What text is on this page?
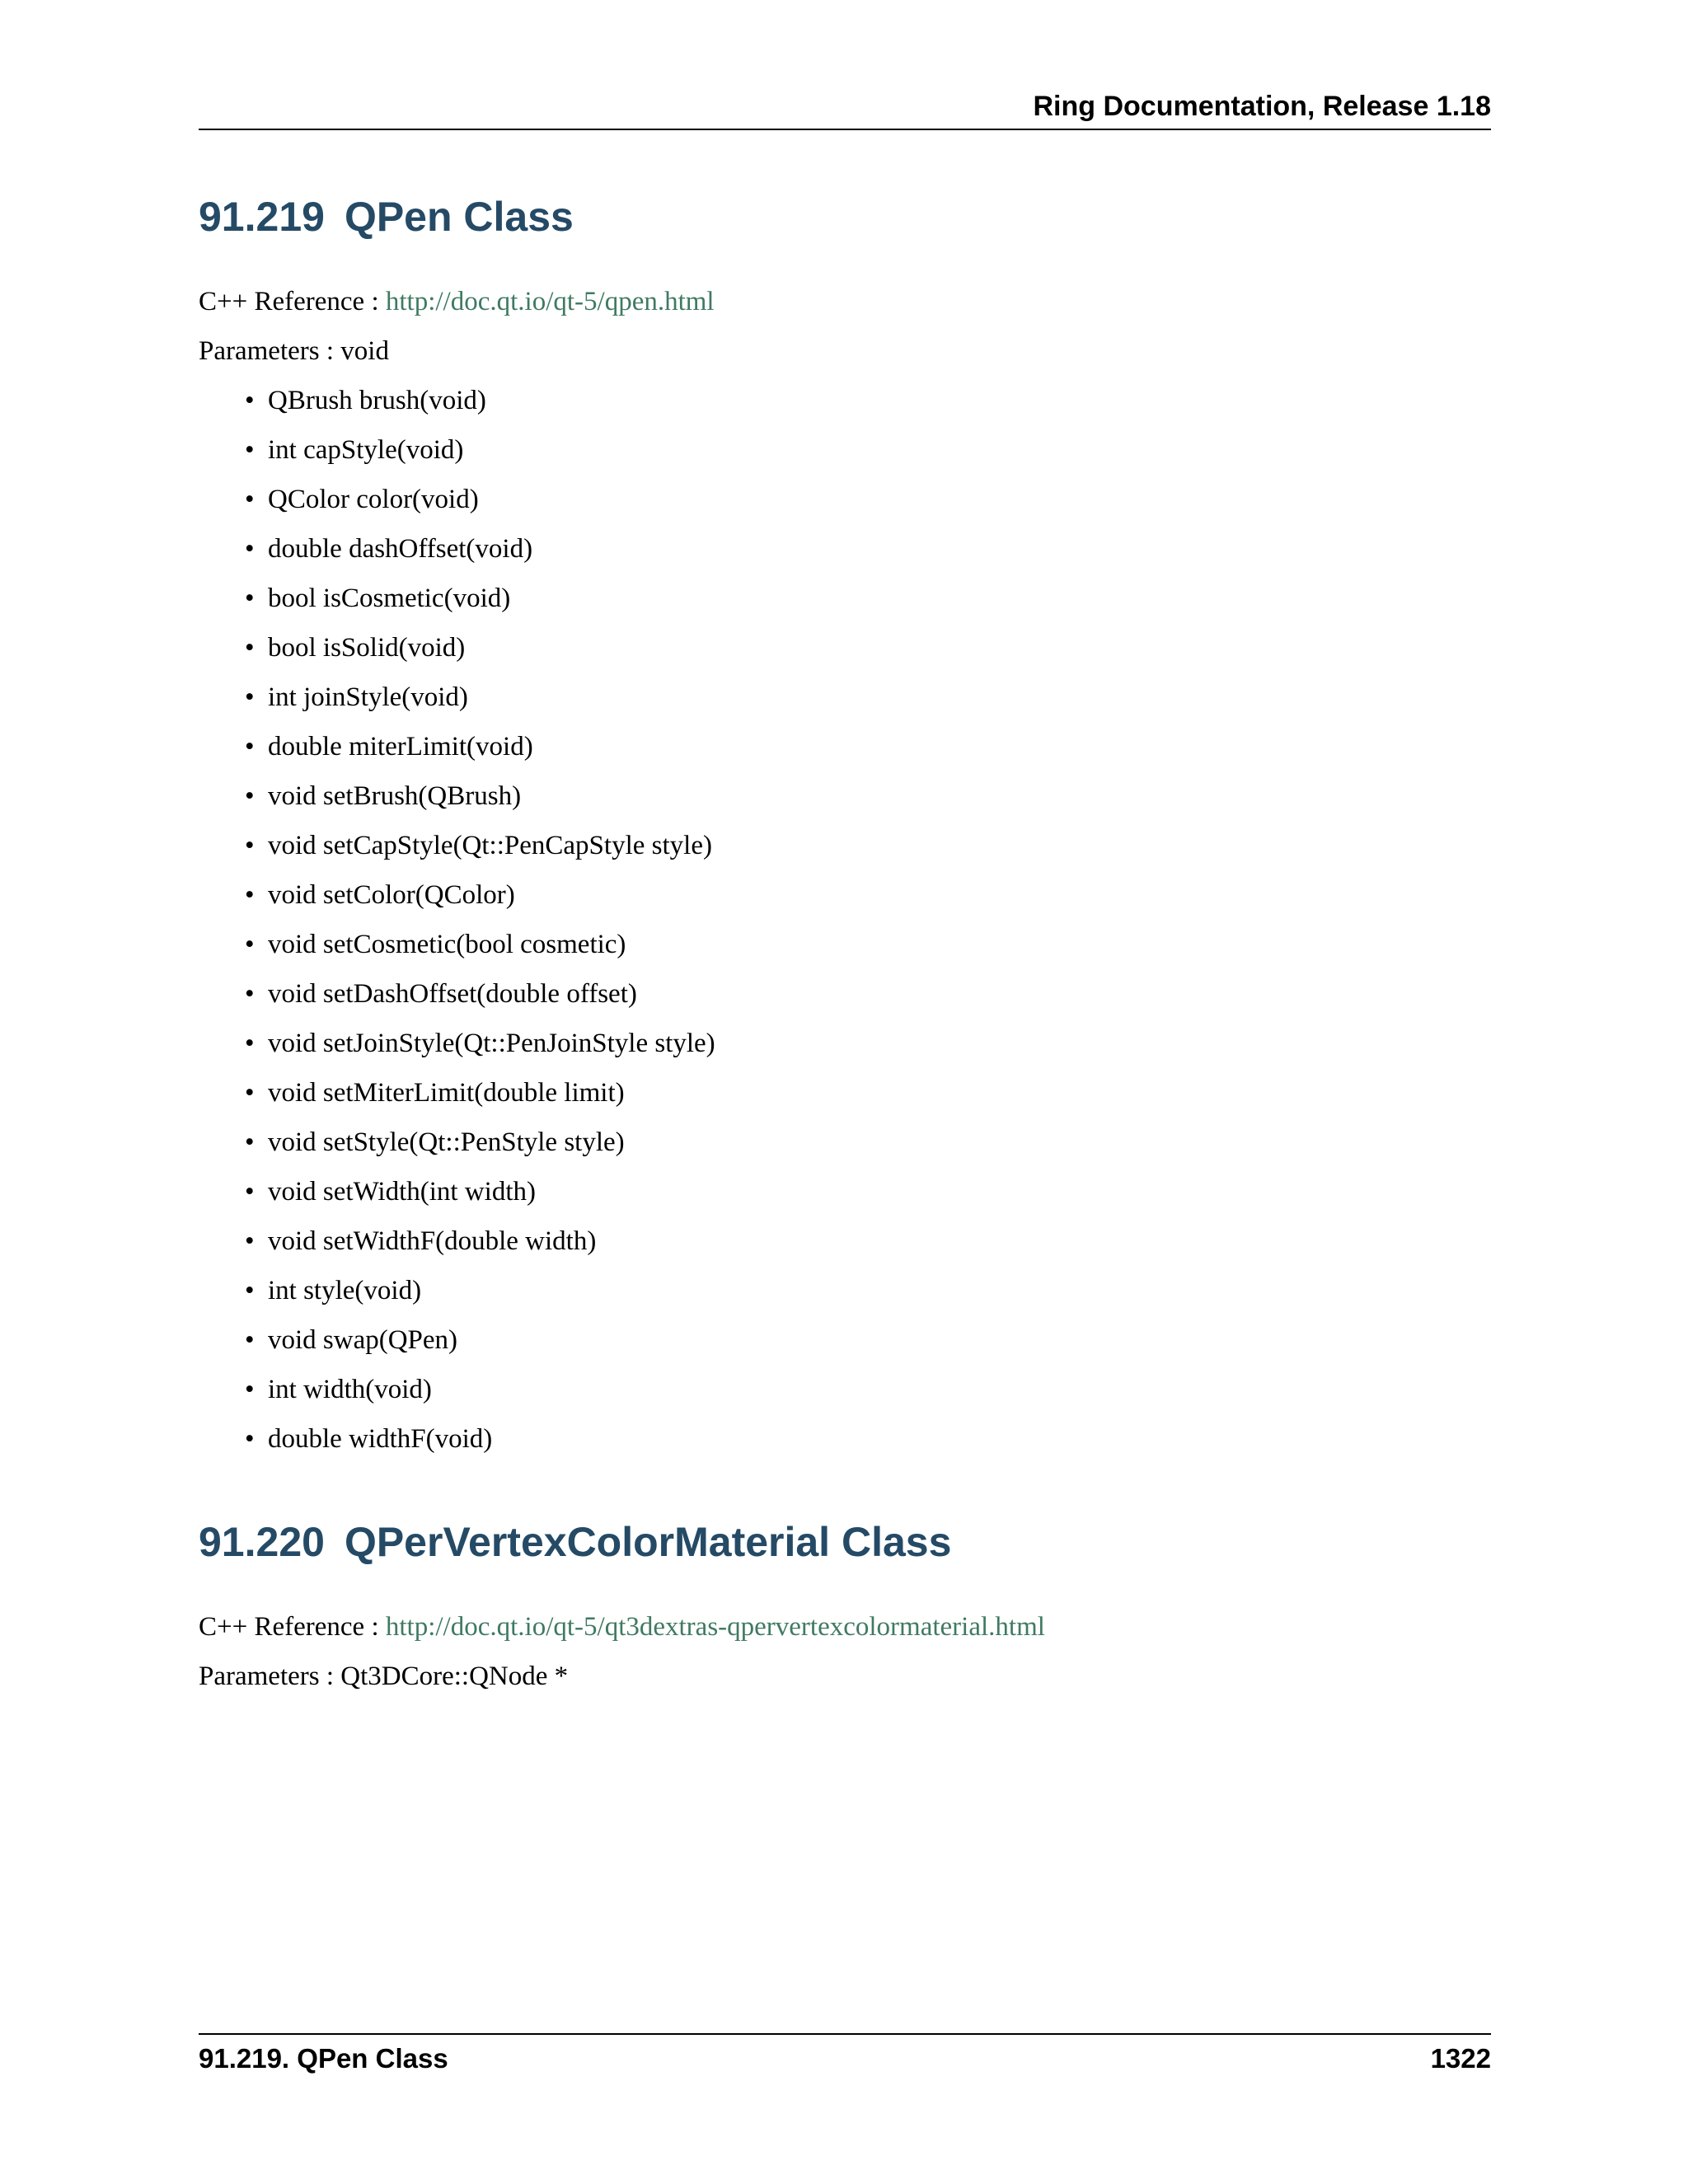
Ring Documentation, Release 1.18
91.219 QPen Class
C++ Reference : http://doc.qt.io/qt-5/qpen.html
Parameters : void
• QBrush brush(void)
• int capStyle(void)
• QColor color(void)
• double dashOffset(void)
• bool isCosmetic(void)
• bool isSolid(void)
• int joinStyle(void)
• double miterLimit(void)
• void setBrush(QBrush)
• void setCapStyle(Qt::PenCapStyle style)
• void setColor(QColor)
• void setCosmetic(bool cosmetic)
• void setDashOffset(double offset)
• void setJoinStyle(Qt::PenJoinStyle style)
• void setMiterLimit(double limit)
• void setStyle(Qt::PenStyle style)
• void setWidth(int width)
• void setWidthF(double width)
• int style(void)
• void swap(QPen)
• int width(void)
• double widthF(void)
91.220 QPerVertexColorMaterial Class
C++ Reference : http://doc.qt.io/qt-5/qt3dextras-qpervertexcolormaterial.html
Parameters : Qt3DCore::QNode *
91.219. QPen Class	1322
